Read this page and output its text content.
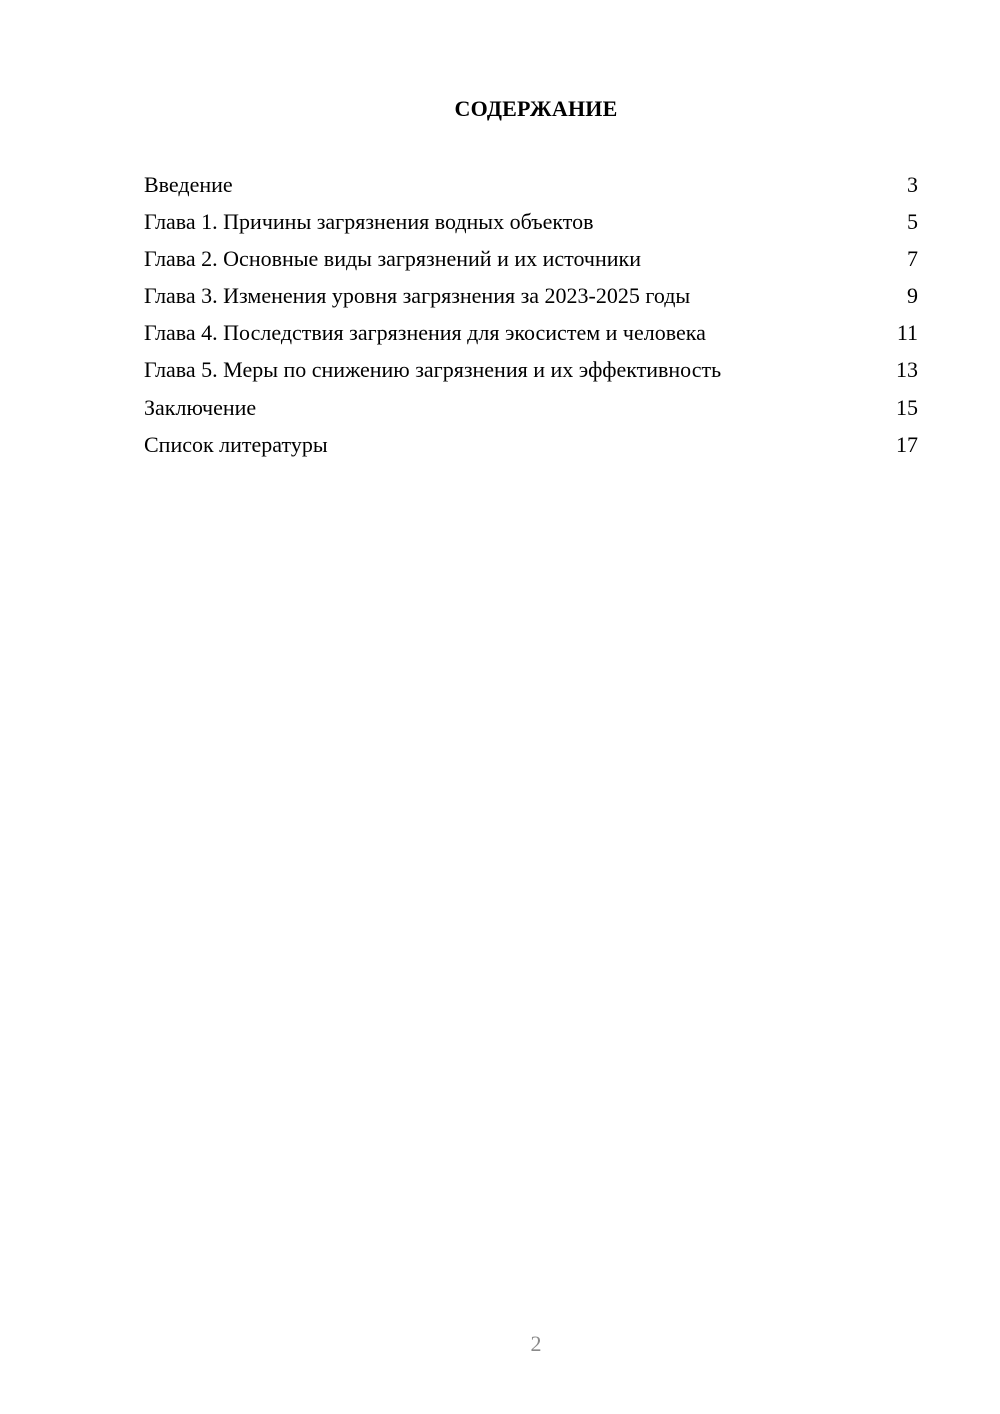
СОДЕРЖАНИЕ
Введение	3
Глава 1. Причины загрязнения водных объектов	5
Глава 2. Основные виды загрязнений и их источники	7
Глава 3. Изменения уровня загрязнения за 2023-2025 годы	9
Глава 4. Последствия загрязнения для экосистем и человека	11
Глава 5. Меры по снижению загрязнения и их эффективность	13
Заключение	15
Список литературы	17
2
